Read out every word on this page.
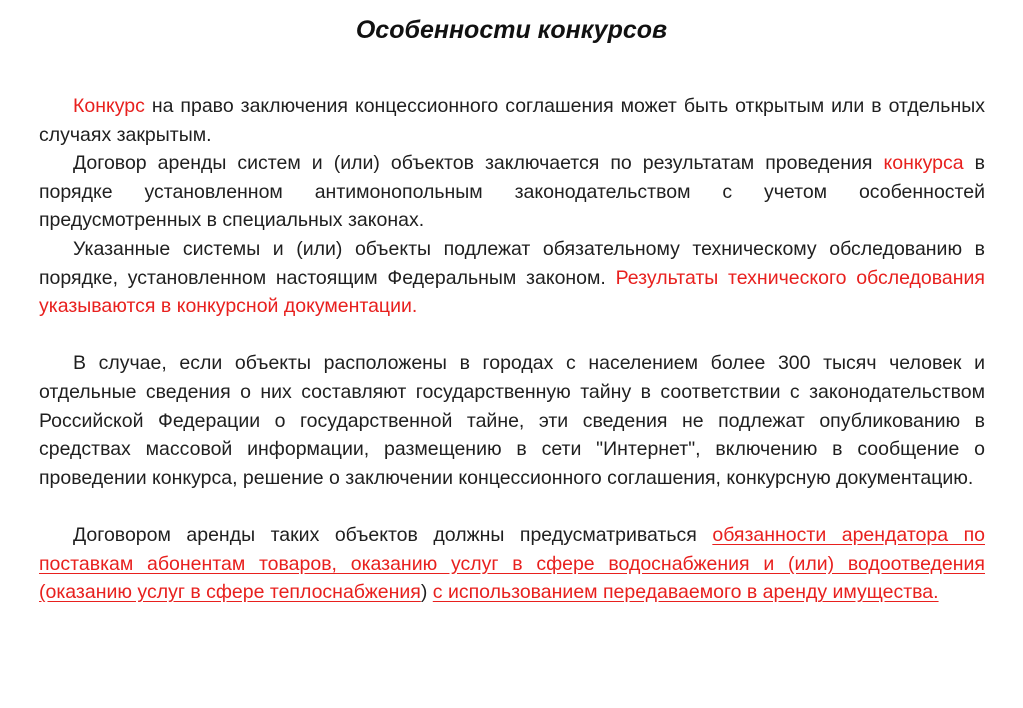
Особенности конкурсов

Конкурс на право заключения концессионного соглашения может быть открытым или в отдельных случаях закрытым.

Договор аренды систем и (или) объектов заключается по результатам проведения конкурса в порядке установленном антимонопольным законодательством с учетом особенностей предусмотренных в специальных законах.

Указанные системы и (или) объекты подлежат обязательному техническому обследованию в порядке, установленном настоящим Федеральным законом. Результаты технического обследования указываются в конкурсной документации.

В случае, если объекты расположены в городах с населением более 300 тысяч человек и отдельные сведения о них составляют государственную тайну в соответствии с законодательством Российской Федерации о государственной тайне, эти сведения не подлежат опубликованию в средствах массовой информации, размещению в сети "Интернет", включению в сообщение о проведении конкурса, решение о заключении концессионного соглашения, конкурсную документацию.

Договором аренды таких объектов должны предусматриваться обязанности арендатора по поставкам абонентам товаров, оказанию услуг в сфере водоснабжения и (или) водоотведения (оказанию услуг в сфере теплоснабжения) с использованием передаваемого в аренду имущества.
